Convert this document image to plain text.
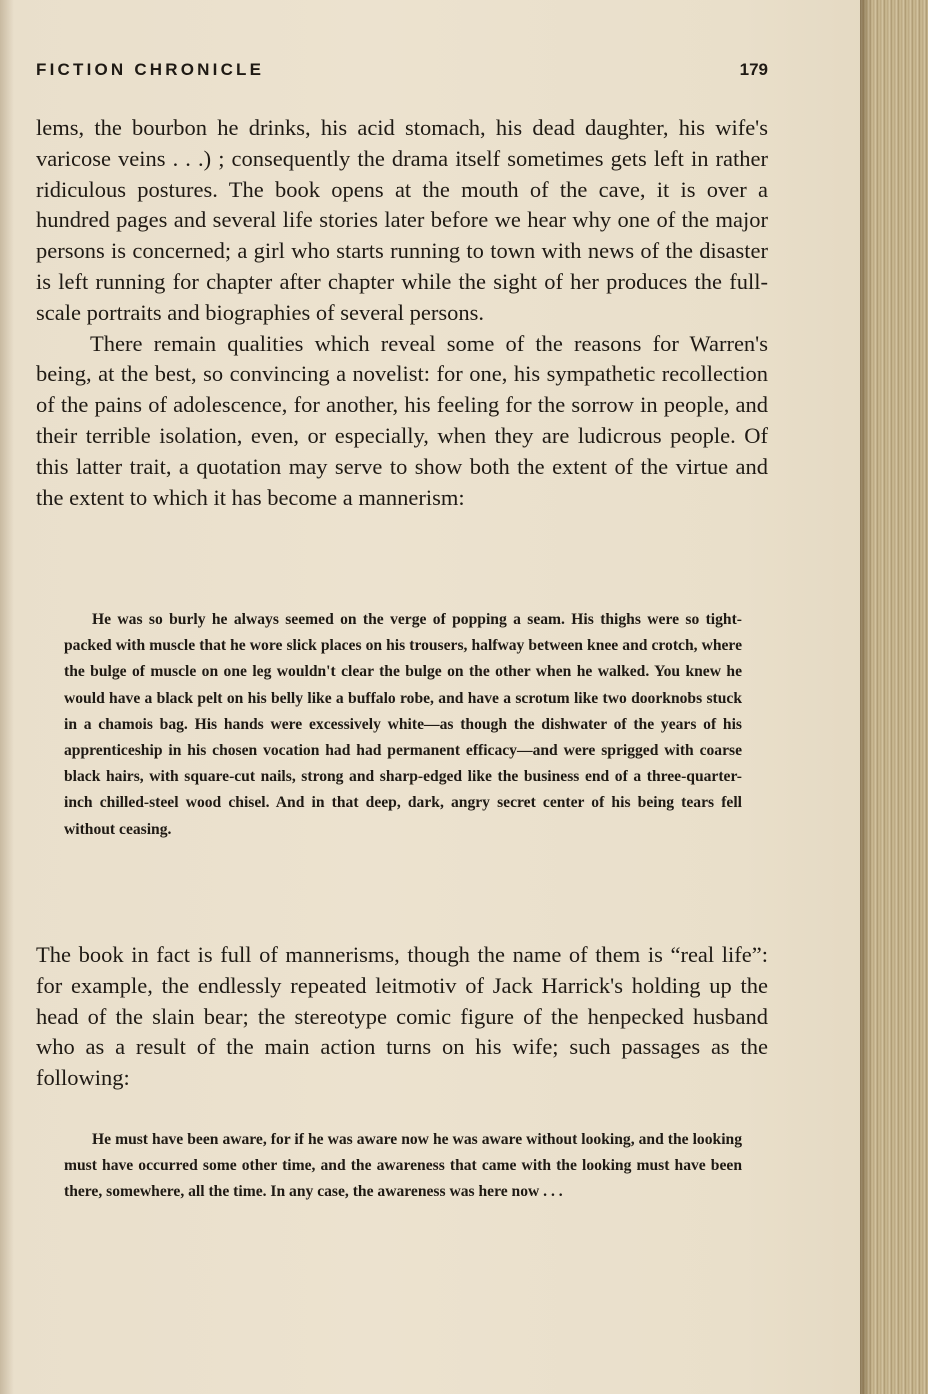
FICTION CHRONICLE	179

lems, the bourbon he drinks, his acid stomach, his dead daughter, his wife's varicose veins . . .) ; consequently the drama itself sometimes gets left in rather ridiculous postures. The book opens at the mouth of the cave, it is over a hundred pages and several life stories later before we hear why one of the major persons is concerned; a girl who starts running to town with news of the disaster is left running for chapter after chapter while the sight of her produces the full-scale portraits and biographies of several persons.

There remain qualities which reveal some of the reasons for Warren's being, at the best, so convincing a novelist: for one, his sympathetic recollection of the pains of adolescence, for another, his feeling for the sorrow in people, and their terrible isolation, even, or especially, when they are ludicrous people. Of this latter trait, a quotation may serve to show both the extent of the virtue and the extent to which it has become a mannerism:

He was so burly he always seemed on the verge of popping a seam. His thighs were so tight-packed with muscle that he wore slick places on his trousers, halfway between knee and crotch, where the bulge of muscle on one leg wouldn't clear the bulge on the other when he walked. You knew he would have a black pelt on his belly like a buffalo robe, and have a scrotum like two doorknobs stuck in a chamois bag. His hands were excessively white—as though the dishwater of the years of his apprenticeship in his chosen vocation had had permanent efficacy—and were sprigged with coarse black hairs, with square-cut nails, strong and sharp-edged like the business end of a three-quarter-inch chilled-steel wood chisel. And in that deep, dark, angry secret center of his being tears fell without ceasing.

The book in fact is full of mannerisms, though the name of them is “real life”: for example, the endlessly repeated leitmotiv of Jack Harrick's holding up the head of the slain bear; the stereotype comic figure of the henpecked husband who as a result of the main action turns on his wife; such passages as the following:

He must have been aware, for if he was aware now he was aware without looking, and the looking must have occurred some other time, and the awareness that came with the looking must have been there, somewhere, all the time. In any case, the awareness was here now . . .
